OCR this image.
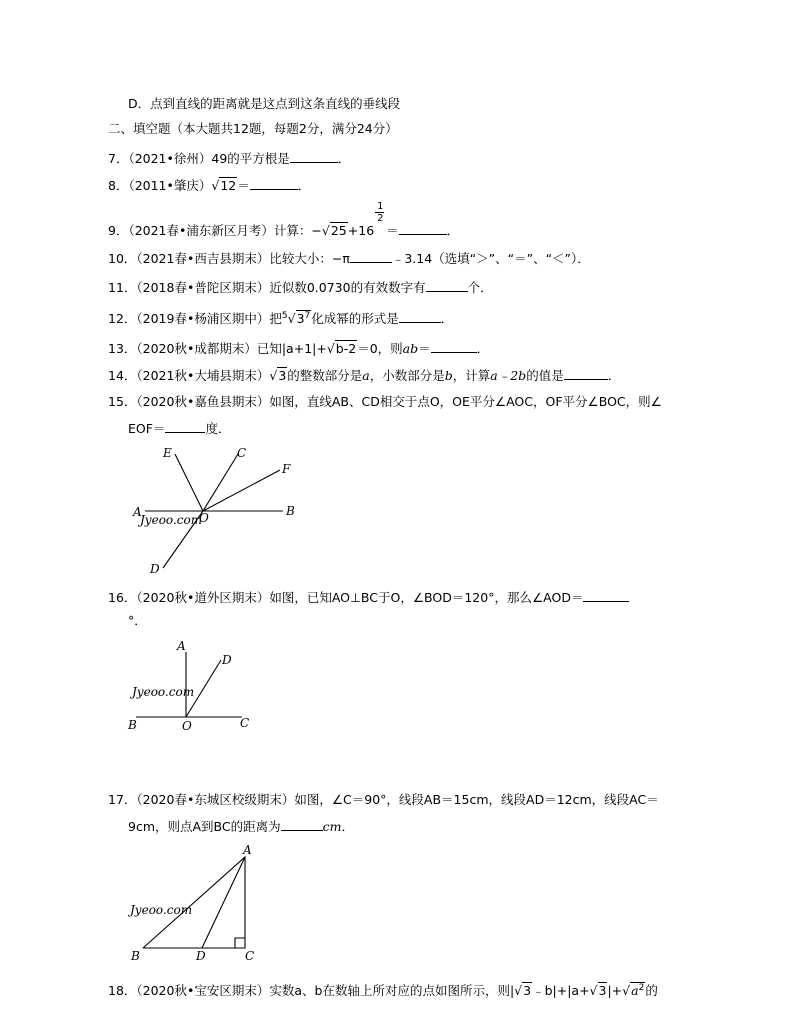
D．点到直线的距离就是这点到这条直线的垂线段
二、填空题（本大题共12题，每题2分，满分24分）
7．（2021•徐州）49的平方根是	．
8．（2011•肇庆）√12＝	．
9．（2021春•浦东新区月考）计算：$-√25+16 \frac{1}{2}$ ＝	．
10．（2021春•西吉县期末）比较大小：−π	﹣3.14（选填“＞”、“＝”、“＜”）．
11．（2018春•普陀区期末）近似数0.0730的有效数字有	个．
12．（2019春•杨浦区期中）把$^5√3^7$化成幂的形式是	．
13．（2020秋•成都期末）已知|a+1|+√b-2＝0，则ab＝	．
14．（2021秋•大埔县期末）√3的整数部分是a，小数部分是b，计算a﹣2b的值是	．
15．（2020秋•嘉鱼县期末）如图，直线AB、CD相交于点O，OE平分∠AOC，OF平分∠BOC，则∠
EOF＝	度．
Jyeoo.com
E	C
F
A	O	B
D
16．（2020秋•道外区期末）如图，已知AO⊥BC于O，∠BOD＝120°，那么∠AOD＝
°．
Jyeoo.com
A
D
B	O	C
17．（2020春•东城区校级期末）如图，∠C＝90°，线段AB＝15cm，线段AD＝12cm，线段AC＝
9cm，则点A到BC的距离为	cm．
Jyeoo.com
A
B	D	C
18．（2020秋•宝安区期末）实数a、b在数轴上所对应的点如图所示，则$|√3﹣b|+|a+√3|+√a^2$的
